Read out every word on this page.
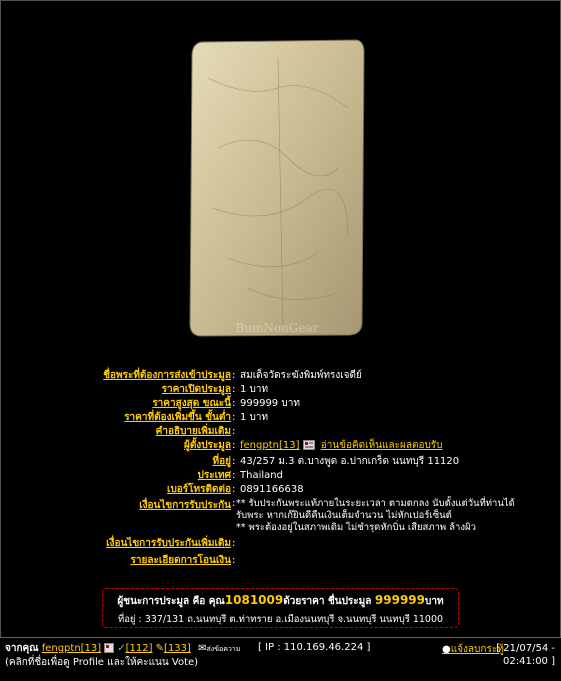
BumNonGear
ชื่อพระที่ต้องการส่งเข้าประมูล : สมเด็จวัดระฆังพิมพ์ทรงเจดีย์
ราคาเปิดประมูล : 1 บาท
ราคาสูงสุด ขณะนี้ : 999999 บาท
ราคาที่ต้องเพิ่มขึ้น ขั้นต่ำ : 1 บาท
คำอธิบายเพิ่มเติม :
ผู้ตั้งประมูล : fengptn[13] อ่านข้อคิดเห็นและผลตอบรับ
ที่อยู่ : 43/257 ม.3 ต.บางพูด อ.ปากเกร็ด นนทบุรี 11120
ประเทศ : Thailand
เบอร์โทรติดต่อ : 0891166638
เงื่อนไขการรับประกัน : ** รับประกันพระแท้ภายในระยะเวลา ตามตกลง นับตั้งแต่วันที่ท่านได้
รับพระ หากเก๊ยินดีคืนเงินเต็มจำนวน ไม่หักเปอร์เซ็นต์
** พระต้องอยู่ในสภาพเดิม ไม่ชำรุดหักบิ่น เสียสภาพ ล้างผิว
เงื่อนไขการรับประกันเพิ่มเติม :
รายละเอียดการโอนเงิน :
ผู้ชนะการประมูล คือ คุณ1081009ด้วยราคา ชื่นประมูล 999999บาท
ที่อยู่ : 337/131 ถ.นนทบุรี ต.ท่าทราย อ.เมืองนนทบุรี จ.นนทบุรี นนทบุรี 11000
จากคุณ fengptn[13] ✓[112] ✎[133] ✉ส่งข้อความ
(คลิกที่ชื่อเพื่อดู Profile และให้คะแนน Vote)
[ IP : 110.169.46.224 ]	●แจ้งลบกระทู้
[ 21/07/54 -
02:41:00 ]
